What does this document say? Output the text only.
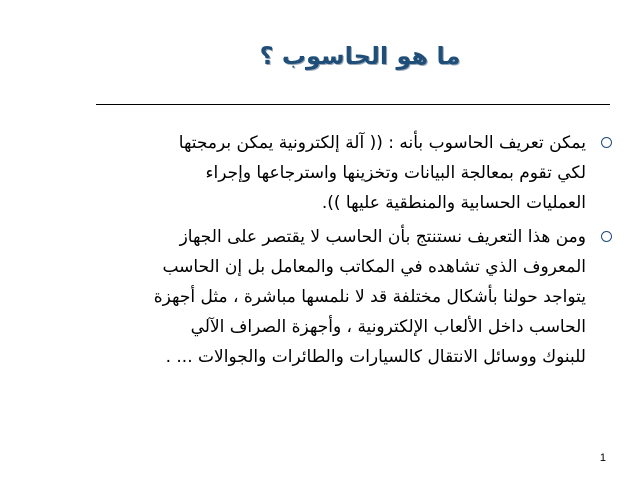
ما هو الحاسوب ؟
يمكن تعريف الحاسوب بأنه : (( آلة إلكترونية يمكن برمجتها
لكي تقوم بمعالجة البيانات وتخزينها واسترجاعها وإجراء
العمليات الحسابية والمنطقية عليها )).
ومن هذا التعريف نستنتج بأن الحاسب لا يقتصر على الجهاز
المعروف الذي تشاهده في المكاتب والمعامل بل إن الحاسب
يتواجد حولنا بأشكال مختلفة قد لا نلمسها مباشرة ، مثل أجهزة
الحاسب داخل الألعاب الإلكترونية ، وأجهزة الصراف الآلي
للبنوك ووسائل الانتقال كالسيارات والطائرات والجوالات ... .
1
